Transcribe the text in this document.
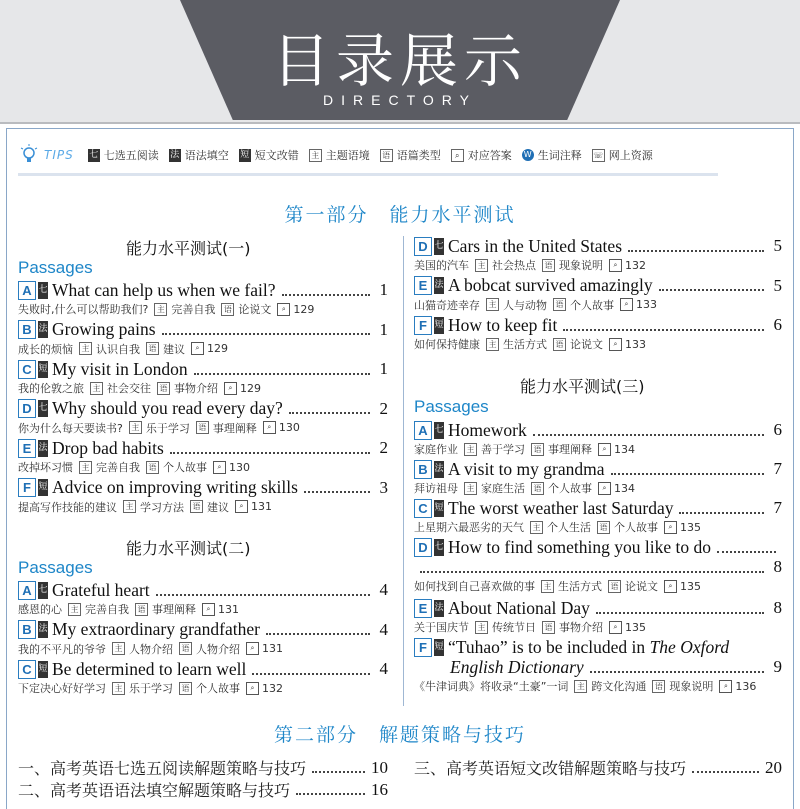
目录展示
DIRECTORY
TIPS 七 七选五阅读 法 语法填空 短 短文改错	主 主题语境	语 语篇类型	⌕ 对应答案 W 生词注释 ☏ 网上资源
第一部分　能力水平测试
能力水平测试(一)
Passages
能力水平测试(二)
Passages
能力水平测试(三)
Passages
第二部分　解题策略与技巧
一、高考英语七选五阅读解题策略与技巧	10
二、高考英语语法填空解题策略与技巧	16
三、高考英语短文改错解题策略与技巧	20
A 七 What can help us when we fail?	1
失败时,什么可以帮助我们?	主 完善自我	语 论说文	⌕ 129
B 法 Growing pains	1
成长的烦恼	主 认识自我	语 建议	⌕ 129
C 短 My visit in London	1
我的伦敦之旅	主 社会交往	语 事物介绍	⌕ 129
D 七 Why should you read every day?	2
你为什么每天要读书?	主 乐于学习	语 事理阐释	⌕ 130
E 法 Drop bad habits	2
改掉坏习惯	主 完善自我	语 个人故事	⌕ 130
F 短 Advice on improving writing skills	3
提高写作技能的建议	主 学习方法	语 建议	⌕ 131
A 七 Grateful heart	4
感恩的心	主 完善自我	语 事理阐释	⌕ 131
B 法 My extraordinary grandfather	4
我的不平凡的爷爷	主 人物介绍	语 人物介绍	⌕ 131
C 短 Be determined to learn well	4
下定决心好好学习	主 乐于学习	语 个人故事	⌕ 132
D 七 Cars in the United States	5
美国的汽车	主 社会热点	语 现象说明	⌕ 132
E 法 A bobcat survived amazingly	5
山猫奇迹幸存	主 人与动物	语 个人故事	⌕ 133
F 短 How to keep fit	6
如何保持健康	主 生活方式	语 论说文	⌕ 133
A 七 Homework	6
家庭作业	主 善于学习	语 事理阐释	⌕ 134
B 法 A visit to my grandma	7
拜访祖母	主 家庭生活	语 个人故事	⌕ 134
C 短 The worst weather last Saturday	7
上星期六最恶劣的天气	主 个人生活	语 个人故事	⌕ 135
D 七 How to find something you like to do
8
如何找到自己喜欢做的事	主 生活方式	语 论说文	⌕ 135
E 法 About National Day	8
关于国庆节	主 传统节日	语 事物介绍	⌕ 135
F 短 “Tuhao” is to be included in The Oxford
English Dictionary	9
《牛津词典》将收录“土豪”一词	主 跨文化沟通	语 现象说明	⌕ 136
